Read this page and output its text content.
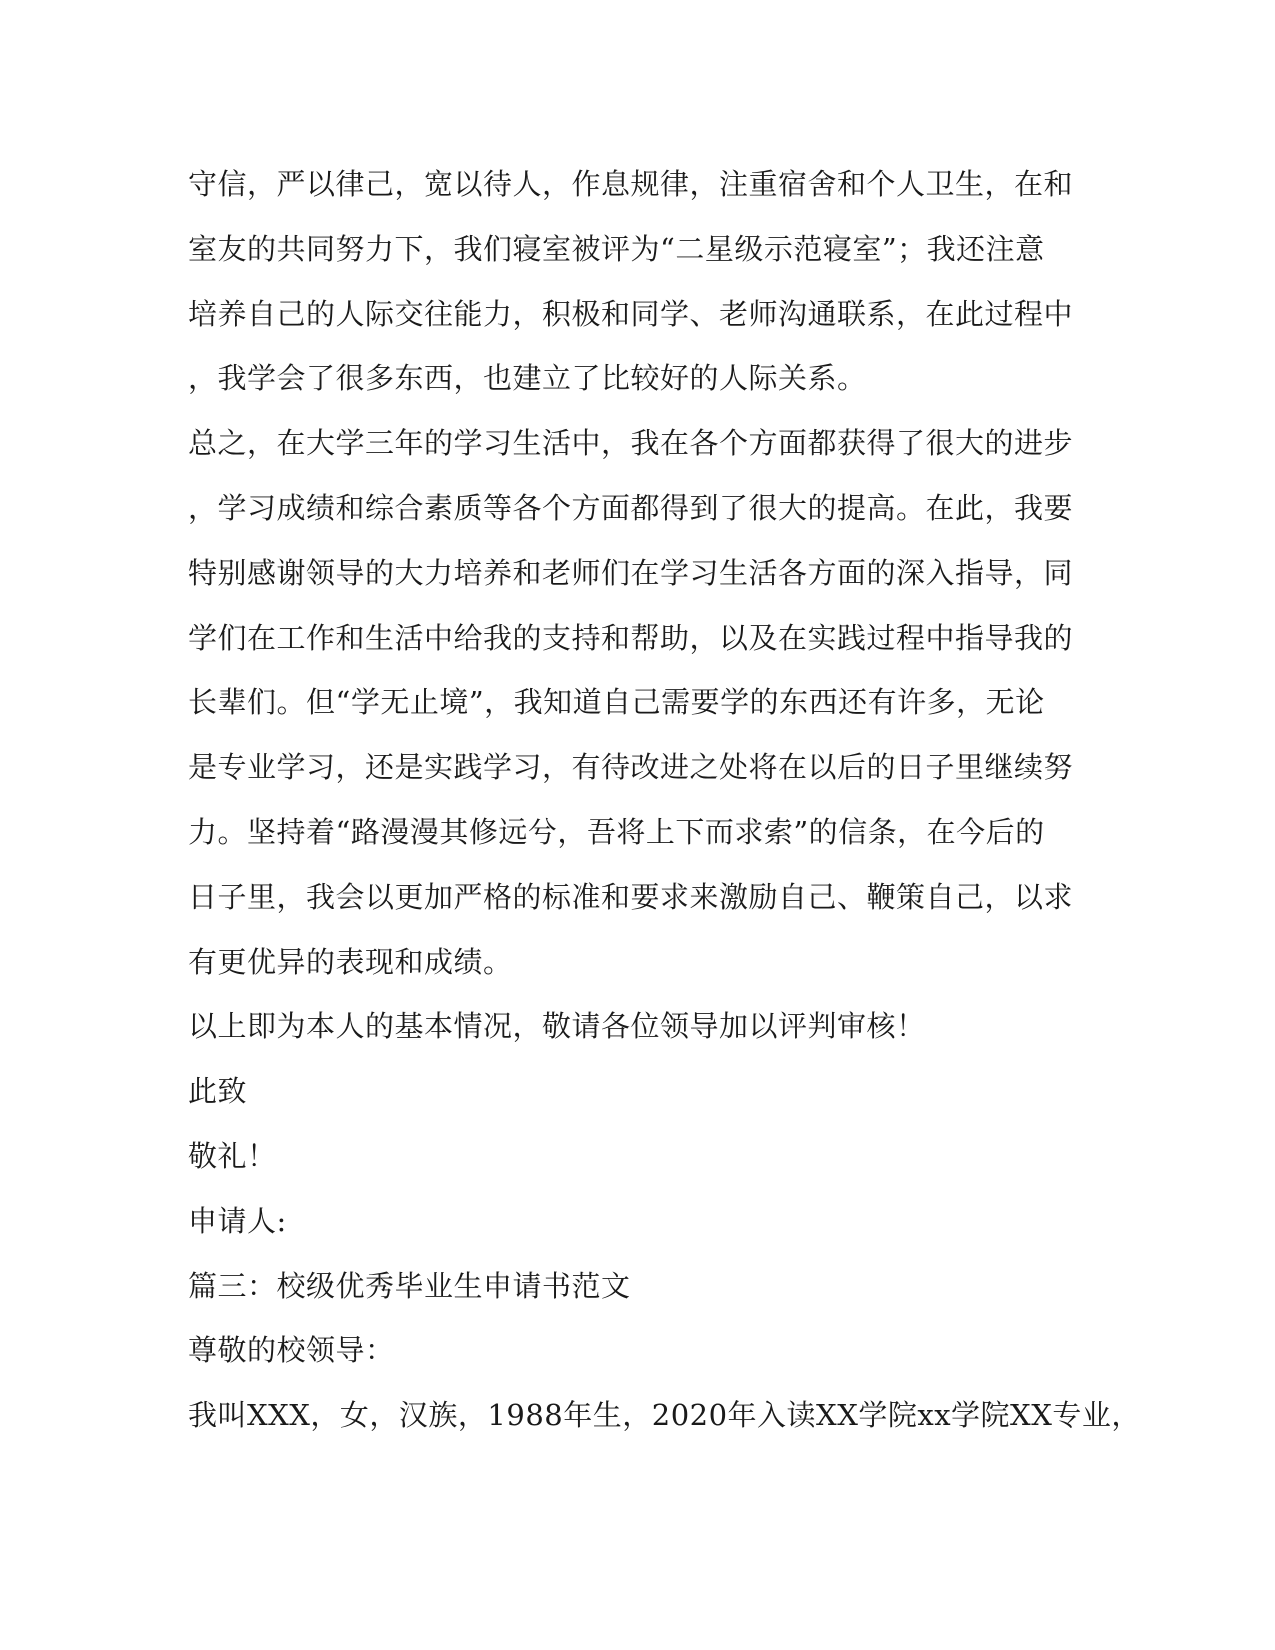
守信，严以律己，宽以待人，作息规律，注重宿舍和个人卫生，在和
室友的共同努力下，我们寝室被评为“二星级示范寝室”；我还注意
培养自己的人际交往能力，积极和同学、老师沟通联系，在此过程中
，我学会了很多东西，也建立了比较好的人际关系。
总之，在大学三年的学习生活中，我在各个方面都获得了很大的进步
，学习成绩和综合素质等各个方面都得到了很大的提高。在此，我要
特别感谢领导的大力培养和老师们在学习生活各方面的深入指导，同
学们在工作和生活中给我的支持和帮助，以及在实践过程中指导我的
长辈们。但“学无止境”，我知道自己需要学的东西还有许多，无论
是专业学习，还是实践学习，有待改进之处将在以后的日子里继续努
力。坚持着“路漫漫其修远兮，吾将上下而求索”的信条，在今后的
日子里，我会以更加严格的标准和要求来激励自己、鞭策自己，以求
有更优异的表现和成绩。
以上即为本人的基本情况，敬请各位领导加以评判审核！
此致
敬礼！
申请人:
篇三：校级优秀毕业生申请书范文
尊敬的校领导：
我叫XXX，女，汉族，1988年生，2020年入读XX学院xx学院XX专业，
